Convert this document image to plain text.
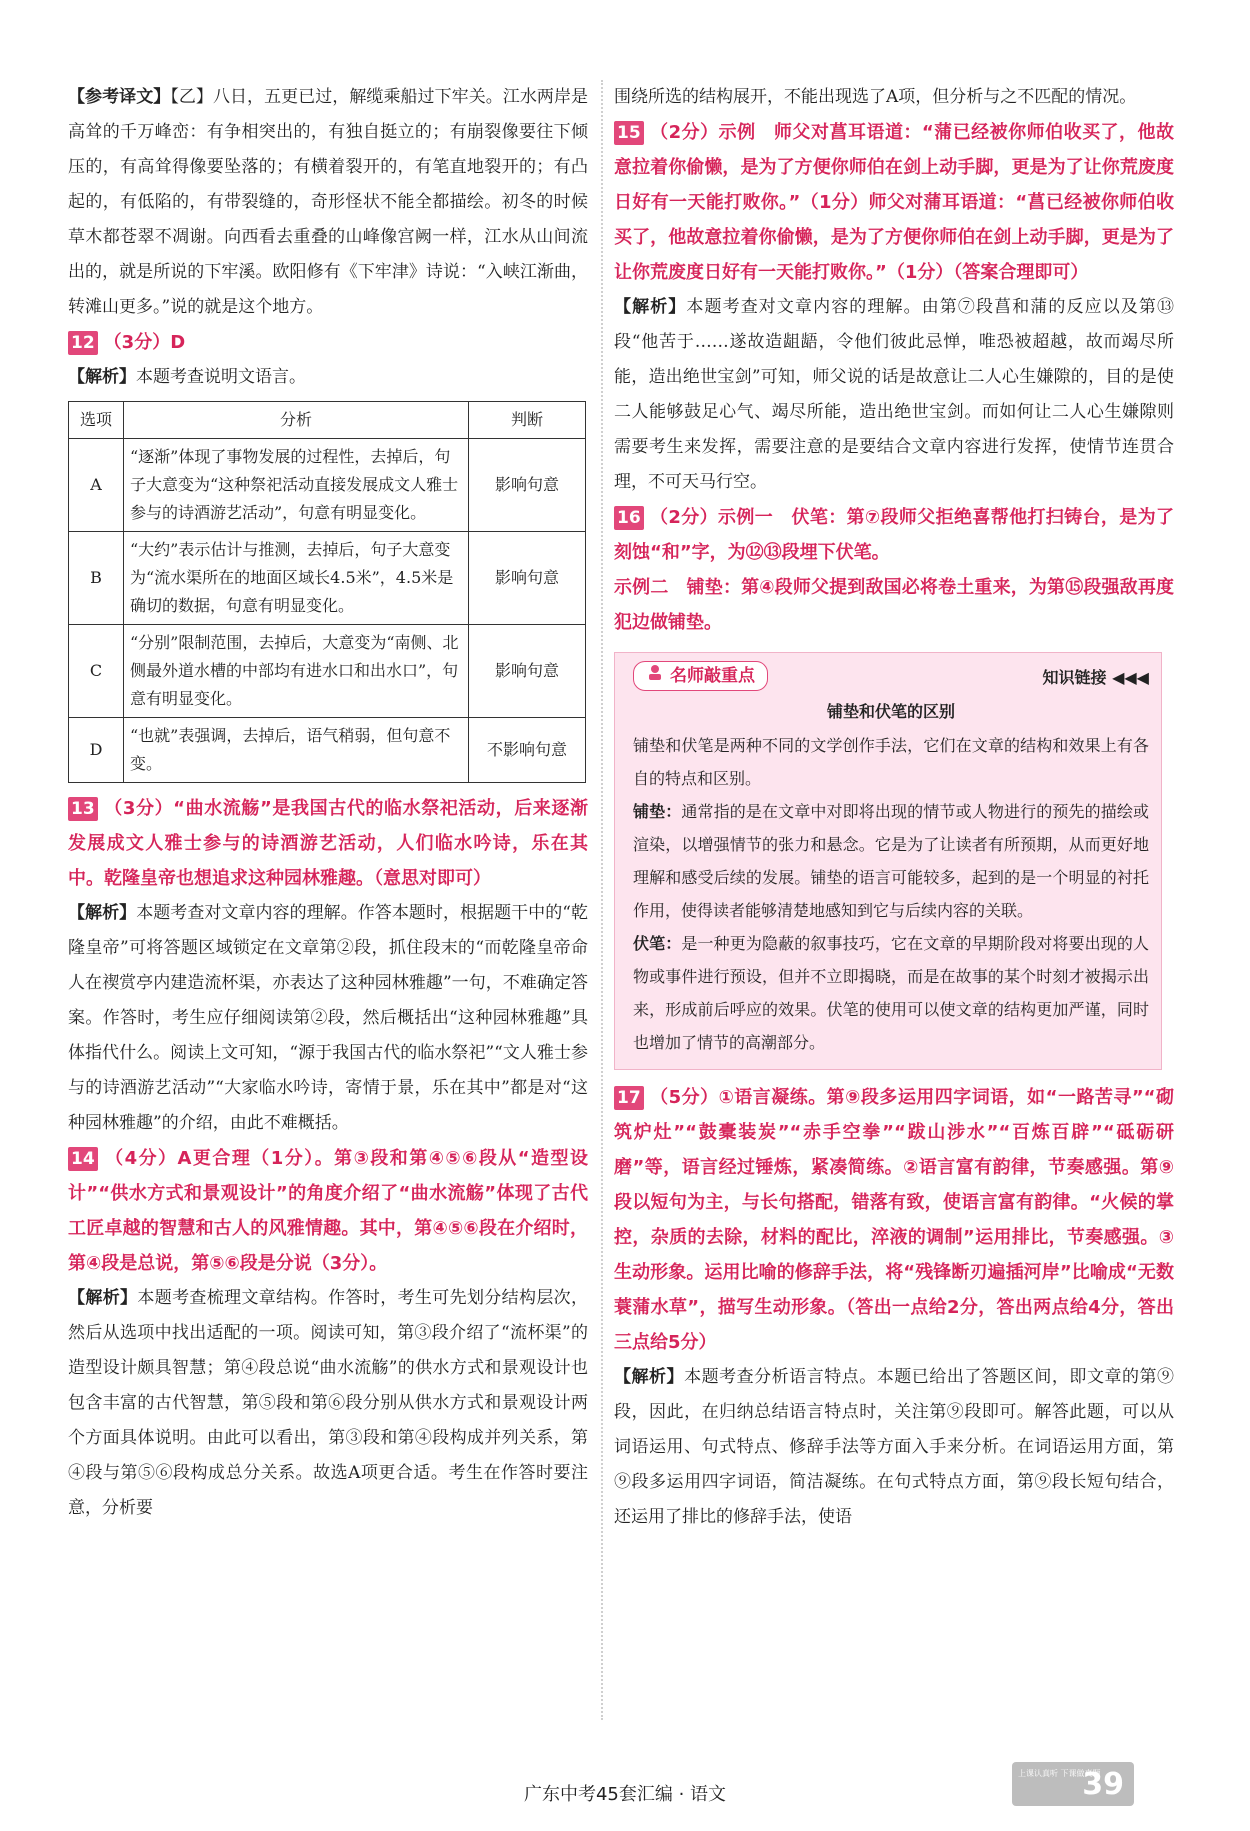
【参考译文】【乙】八日，五更已过，解缆乘船过下牢关。江水两岸是高耸的千万峰峦：有争相突出的，有独自挺立的；有崩裂像要往下倾压的，有高耸得像要坠落的；有横着裂开的，有笔直地裂开的；有凸起的，有低陷的，有带裂缝的，奇形怪状不能全都描绘。初冬的时候草木都苍翠不凋谢。向西看去重叠的山峰像宫阙一样，江水从山间流出的，就是所说的下牢溪。欧阳修有《下牢津》诗说：“入峡江渐曲，转滩山更多。”说的就是这个地方。

12 （3分）D

【解析】本题考查说明文语言。

选项	分析	判断
A	“逐渐”体现了事物发展的过程性，去掉后，句子大意变为“这种祭祀活动直接发展成文人雅士参与的诗酒游艺活动”，句意有明显变化。	影响句意
B	“大约”表示估计与推测，去掉后，句子大意变为“流水渠所在的地面区域长4.5米”，4.5米是确切的数据，句意有明显变化。	影响句意
C	“分别”限制范围，去掉后，大意变为“南侧、北侧最外道水槽的中部均有进水口和出水口”，句意有明显变化。	影响句意
D	“也就”表强调，去掉后，语气稍弱，但句意不变。	不影响句意

13 （3分）“曲水流觞”是我国古代的临水祭祀活动，后来逐渐发展成文人雅士参与的诗酒游艺活动，人们临水吟诗，乐在其中。乾隆皇帝也想追求这种园林雅趣。（意思对即可）

【解析】本题考查对文章内容的理解。作答本题时，根据题干中的“乾隆皇帝”可将答题区域锁定在文章第②段，抓住段末的“而乾隆皇帝命人在禊赏亭内建造流杯渠，亦表达了这种园林雅趣”一句，不难确定答案。作答时，考生应仔细阅读第②段，然后概括出“这种园林雅趣”具体指代什么。阅读上文可知，“源于我国古代的临水祭祀”“文人雅士参与的诗酒游艺活动”“大家临水吟诗，寄情于景，乐在其中”都是对“这种园林雅趣”的介绍，由此不难概括。

14 （4分）A更合理（1分）。第③段和第④⑤⑥段从“造型设计”“供水方式和景观设计”的角度介绍了“曲水流觞”体现了古代工匠卓越的智慧和古人的风雅情趣。其中，第④⑤⑥段在介绍时，第④段是总说，第⑤⑥段是分说（3分）。

【解析】本题考查梳理文章结构。作答时，考生可先划分结构层次，然后从选项中找出适配的一项。阅读可知，第③段介绍了“流杯渠”的造型设计颇具智慧；第④段总说“曲水流觞”的供水方式和景观设计也包含丰富的古代智慧，第⑤段和第⑥段分别从供水方式和景观设计两个方面具体说明。由此可以看出，第③段和第④段构成并列关系，第④段与第⑤⑥段构成总分关系。故选A项更合适。考生在作答时要注意，分析要

围绕所选的结构展开，不能出现选了A项，但分析与之不匹配的情况。

15 （2分）示例　师父对菖耳语道：“蒲已经被你师伯收买了，他故意拉着你偷懒，是为了方便你师伯在剑上动手脚，更是为了让你荒废度日好有一天能打败你。”（1分）师父对蒲耳语道：“菖已经被你师伯收买了，他故意拉着你偷懒，是为了方便你师伯在剑上动手脚，更是为了让你荒废度日好有一天能打败你。”（1分）（答案合理即可）

【解析】本题考查对文章内容的理解。由第⑦段菖和蒲的反应以及第⑬段“他苦于……遂故造龃龉，令他们彼此忌惮，唯恐被超越，故而竭尽所能，造出绝世宝剑”可知，师父说的话是故意让二人心生嫌隙的，目的是使二人能够鼓足心气、竭尽所能，造出绝世宝剑。而如何让二人心生嫌隙则需要考生来发挥，需要注意的是要结合文章内容进行发挥，使情节连贯合理，不可天马行空。

16 （2分）示例一　伏笔：第⑦段师父拒绝喜帮他打扫铸台，是为了刻蚀“和”字，为⑫⑬段埋下伏笔。

示例二　铺垫：第④段师父提到敌国必将卷土重来，为第⑮段强敌再度犯边做铺垫。

名师敲重点	知识链接 ◀◀◀
铺垫和伏笔的区别

铺垫和伏笔是两种不同的文学创作手法，它们在文章的结构和效果上有各自的特点和区别。

铺垫：通常指的是在文章中对即将出现的情节或人物进行的预先的描绘或渲染，以增强情节的张力和悬念。它是为了让读者有所预期，从而更好地理解和感受后续的发展。铺垫的语言可能较多，起到的是一个明显的衬托作用，使得读者能够清楚地感知到它与后续内容的关联。

伏笔：是一种更为隐蔽的叙事技巧，它在文章的早期阶段对将要出现的人物或事件进行预设，但并不立即揭晓，而是在故事的某个时刻才被揭示出来，形成前后呼应的效果。伏笔的使用可以使文章的结构更加严谨，同时也增加了情节的高潮部分。

17 （5分）①语言凝练。第⑨段多运用四字词语，如“一路苦寻”“砌筑炉灶”“鼓橐装炭”“赤手空拳”“跋山涉水”“百炼百辟”“砥砺研磨”等，语言经过锤炼，紧凑简练。②语言富有韵律，节奏感强。第⑨段以短句为主，与长句搭配，错落有致，使语言富有韵律。“火候的掌控，杂质的去除，材料的配比，淬液的调制”运用排比，节奏感强。③生动形象。运用比喻的修辞手法，将“残锋断刃遍插河岸”比喻成“无数蓑蒲水草”，描写生动形象。（答出一点给2分，答出两点给4分，答出三点给5分）

【解析】本题考查分析语言特点。本题已给出了答题区间，即文章的第⑨段，因此，在归纳总结语言特点时，关注第⑨段即可。解答此题，可以从词语运用、句式特点、修辞手法等方面入手来分析。在词语运用方面，第⑨段多运用四字词语，简洁凝练。在句式特点方面，第⑨段长短句结合，还运用了排比的修辞手法，使语

广东中考45套汇编 · 语文
上课认真听 下课做真题
39
